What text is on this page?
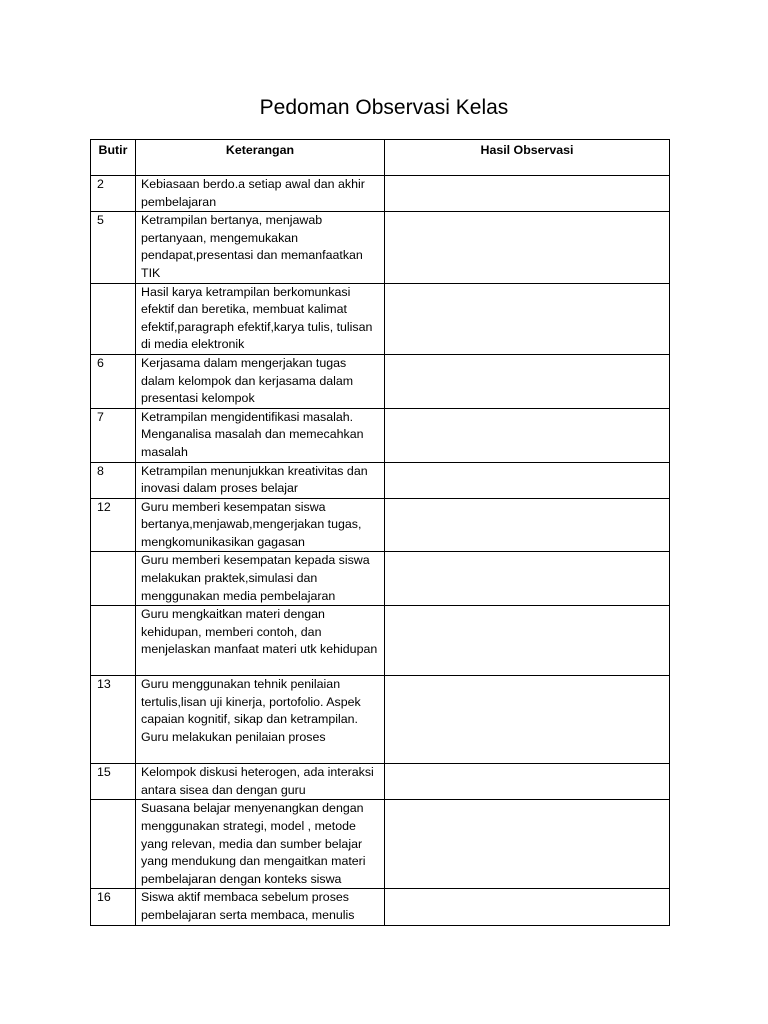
Pedoman Observasi Kelas
Butir	Keterangan	Hasil Observasi
2	Kebiasaan berdo.a setiap awal dan akhir pembelajaran	
5	Ketrampilan bertanya, menjawab pertanyaan, mengemukakan pendapat,presentasi dan memanfaatkan TIK	
	Hasil karya ketrampilan berkomunkasi efektif dan beretika, membuat kalimat efektif,paragraph efektif,karya tulis, tulisan di media elektronik	
6	Kerjasama dalam mengerjakan tugas dalam kelompok dan kerjasama dalam presentasi kelompok	
7	Ketrampilan mengidentifikasi masalah. Menganalisa masalah dan memecahkan masalah	
8	Ketrampilan menunjukkan kreativitas dan inovasi dalam proses belajar	
12	Guru memberi kesempatan siswa bertanya,menjawab,mengerjakan tugas, mengkomunikasikan gagasan	
	Guru memberi kesempatan kepada siswa melakukan praktek,simulasi dan menggunakan media pembelajaran	
	Guru mengkaitkan materi dengan kehidupan, memberi contoh, dan menjelaskan manfaat materi utk kehidupan	
13	Guru menggunakan tehnik penilaian tertulis,lisan uji kinerja, portofolio. Aspek capaian kognitif, sikap dan ketrampilan. Guru melakukan penilaian proses	
15	Kelompok diskusi heterogen, ada interaksi antara sisea dan dengan guru	
	Suasana belajar menyenangkan dengan menggunakan strategi, model , metode yang relevan, media dan sumber belajar yang mendukung dan mengaitkan materi pembelajaran dengan konteks siswa	
16	Siswa aktif membaca sebelum proses pembelajaran serta membaca, menulis	
